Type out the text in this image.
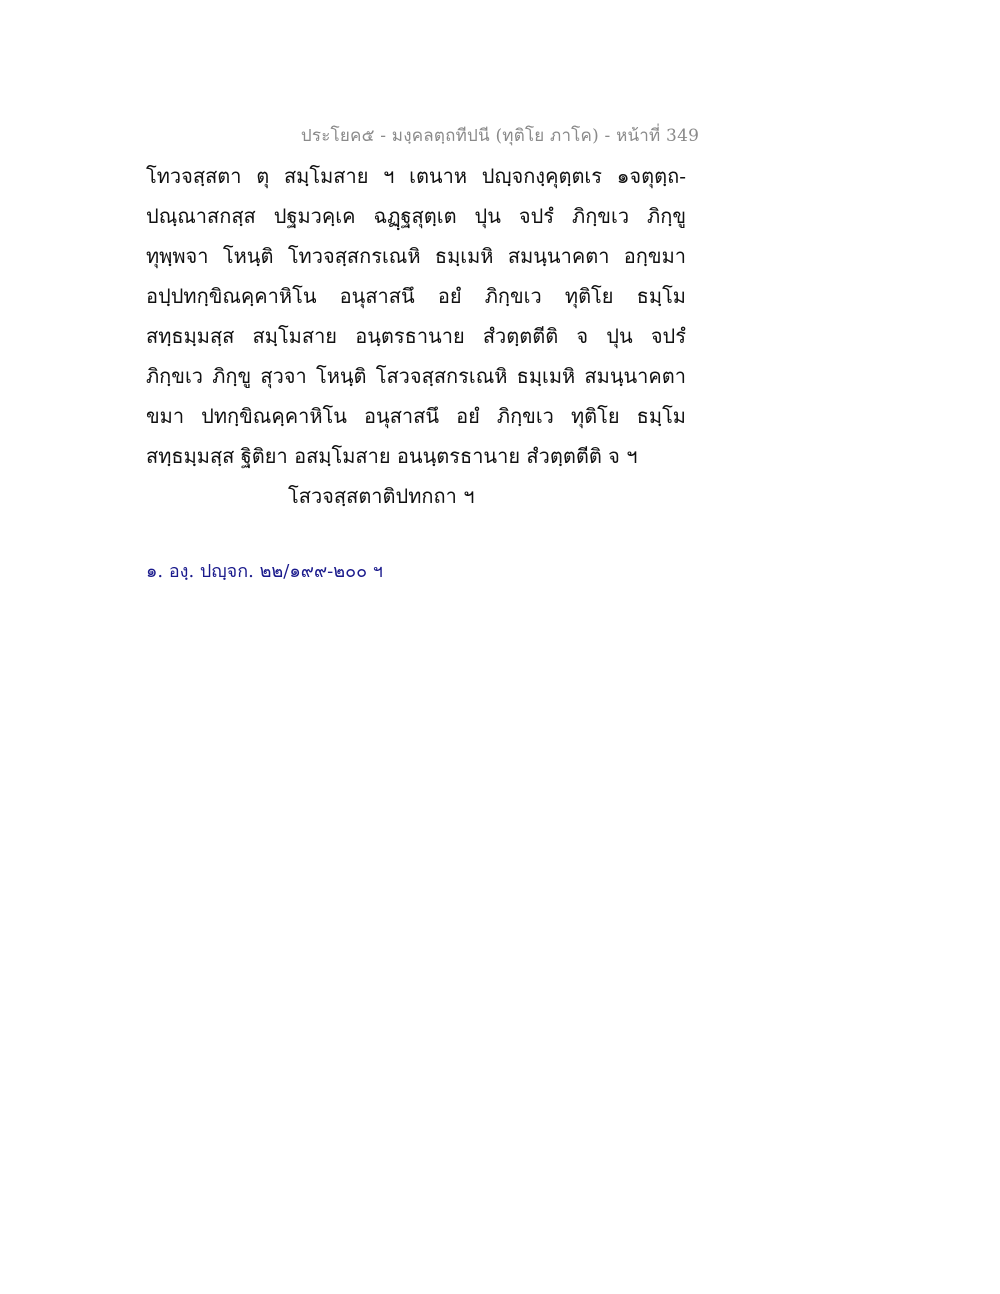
ประโยค๕ - มงฺคลตฺถทีปนี (ทุติโย ภาโค) - หน้าที่ 349
โทวจสฺสตา ตุ สมฺโมสาย ฯ เตนาห ปญฺจกงฺคุตฺตเร ๑จตุตฺถ-
ปณฺณาสกสฺส ปฐมวคฺเค ฉฏฺฐสุตฺเต ปุน จปรํ ภิกฺขเว ภิกฺขู
ทุพฺพจา โหนฺติ โทวจสฺสกรเณหิ ธมฺเมหิ สมนฺนาคตา อกฺขมา
อปฺปทกฺขิณคฺคาหิโน อนุสาสนึ อยํ ภิกฺขเว ทุติโย ธมฺโม
สทฺธมฺมสฺส สมฺโมสาย อนฺตรธานาย สํวตฺตตีติ จ ปุน จปรํ
ภิกฺขเว ภิกฺขู สุวจา โหนฺติ โสวจสฺสกรเณหิ ธมฺเมหิ สมนฺนาคตา
ขมา ปทกฺขิณคฺคาหิโน อนุสาสนึ อยํ ภิกฺขเว ทุติโย ธมฺโม
สทฺธมฺมสฺส ฐิติยา อสมฺโมสาย อนนฺตรธานาย สํวตฺตตีติ จ ฯ
โสวจสฺสตาติปทกถา ฯ
๑. องฺ. ปญฺจก. ๒๒/๑๙๙-๒๐๐ ฯ
